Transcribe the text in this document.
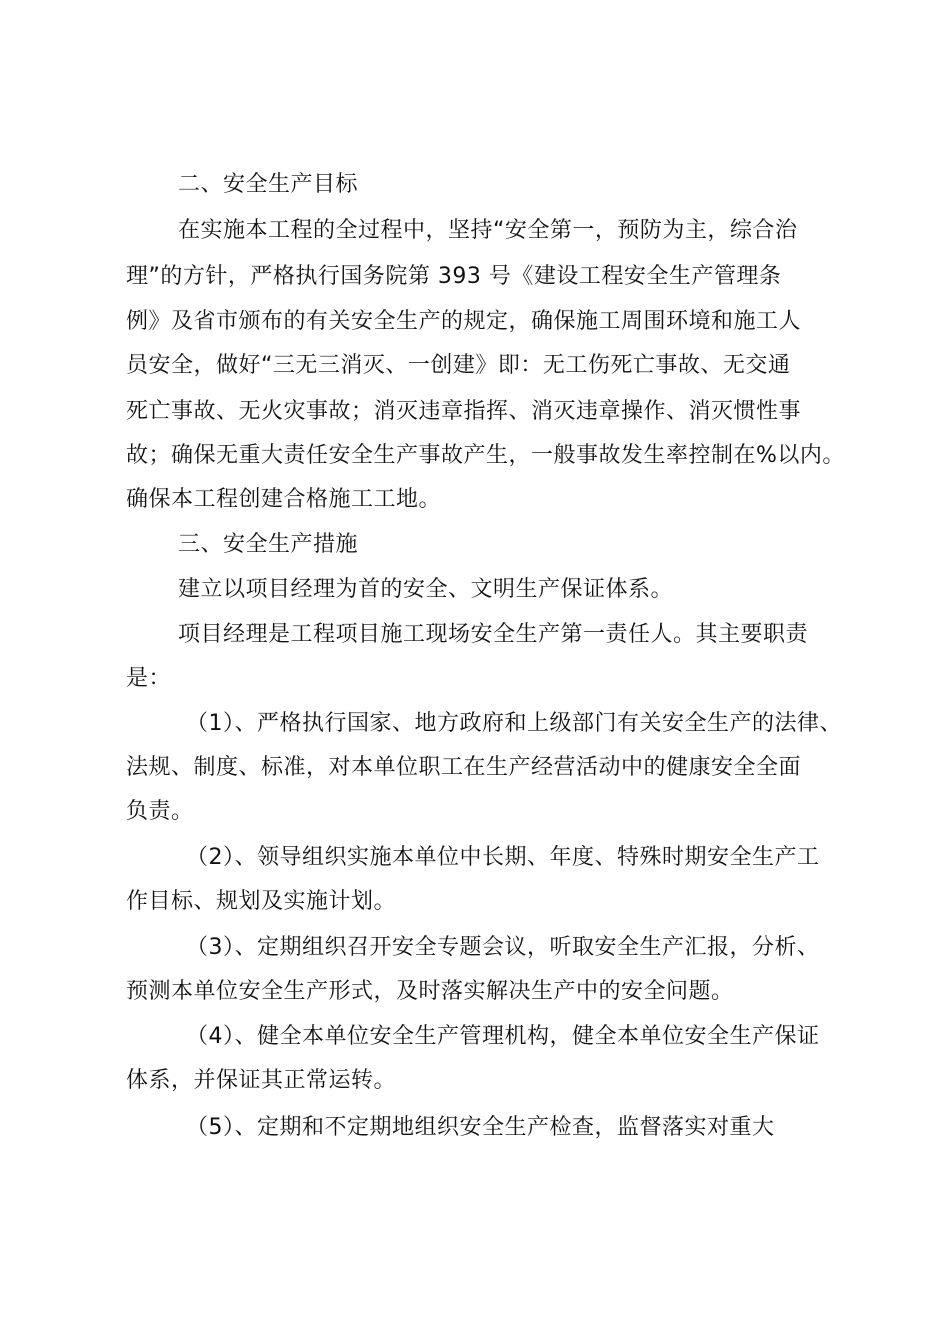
二、安全生产目标
在实施本工程的全过程中，坚持“安全第一，预防为主，综合治
理”的方针，严格执行国务院第 393 号《建设工程安全生产管理条
例》及省市颁布的有关安全生产的规定，确保施工周围环境和施工人
员安全，做好“三无三消灭、一创建》即：无工伤死亡事故、无交通
死亡事故、无火灾事故；消灭违章指挥、消灭违章操作、消灭惯性事
故；确保无重大责任安全生产事故产生，一般事故发生率控制在%以内。
确保本工程创建合格施工工地。
三、安全生产措施
建立以项目经理为首的安全、文明生产保证体系。
项目经理是工程项目施工现场安全生产第一责任人。其主要职责
是：
（1）、严格执行国家、地方政府和上级部门有关安全生产的法律、
法规、制度、标准，对本单位职工在生产经营活动中的健康安全全面
负责。
（2）、领导组织实施本单位中长期、年度、特殊时期安全生产工
作目标、规划及实施计划。
（3）、定期组织召开安全专题会议，听取安全生产汇报，分析、
预测本单位安全生产形式，及时落实解决生产中的安全问题。
（4）、健全本单位安全生产管理机构，健全本单位安全生产保证
体系，并保证其正常运转。
（5）、定期和不定期地组织安全生产检查，监督落实对重大
